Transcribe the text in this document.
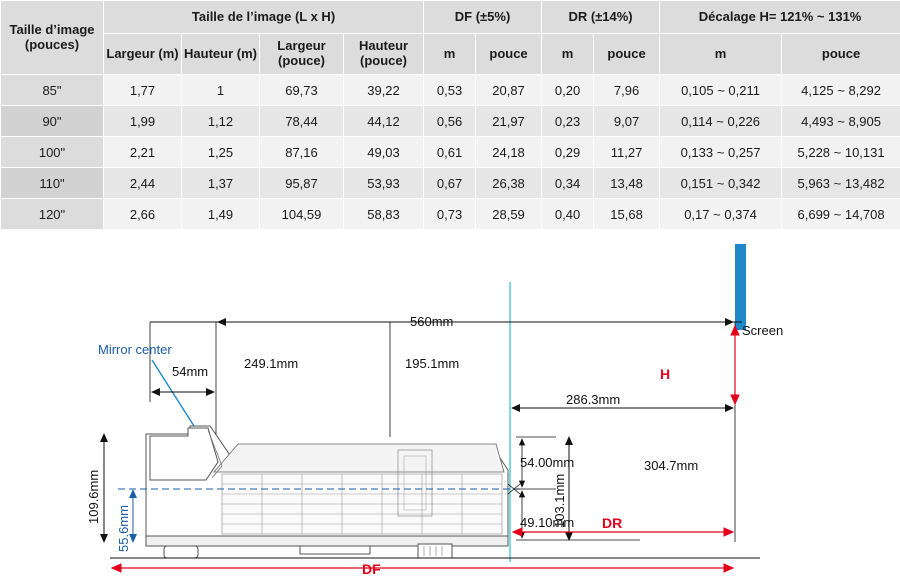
Taille d’image (pouces)	Taille de l’image (L x H)				DF (±5%)		DR (±14%)		Décalage H= 121% ~ 131%	
	Largeur (m)	Hauteur (m)	Largeur (pouce)	Hauteur (pouce)	m	pouce	m	pouce	m	pouce
85"	1,77	1	69,73	39,22	0,53	20,87	0,20	7,96	0,105 ~ 0,211	4,125 ~ 8,292
90"	1,99	1,12	78,44	44,12	0,56	21,97	0,23	9,07	0,114 ~ 0,226	4,493 ~ 8,905
100"	2,21	1,25	87,16	49,03	0,61	24,18	0,29	11,27	0,133 ~ 0,257	5,228 ~ 10,131
110"	2,44	1,37	95,87	53,93	0,67	26,38	0,34	13,48	0,151 ~ 0,342	5,963 ~ 13,482
120"	2,66	1,49	104,59	58,83	0,73	28,59	0,40	15,68	0,17 ~ 0,374	6,699 ~ 14,708
560mm
Screen
H
Mirror center
54mm
249.1mm	195.1mm
286.3mm
304.7mm
109.6mm
55.6mm
103.1mm
54.00mm
49.10mm DR
DF
